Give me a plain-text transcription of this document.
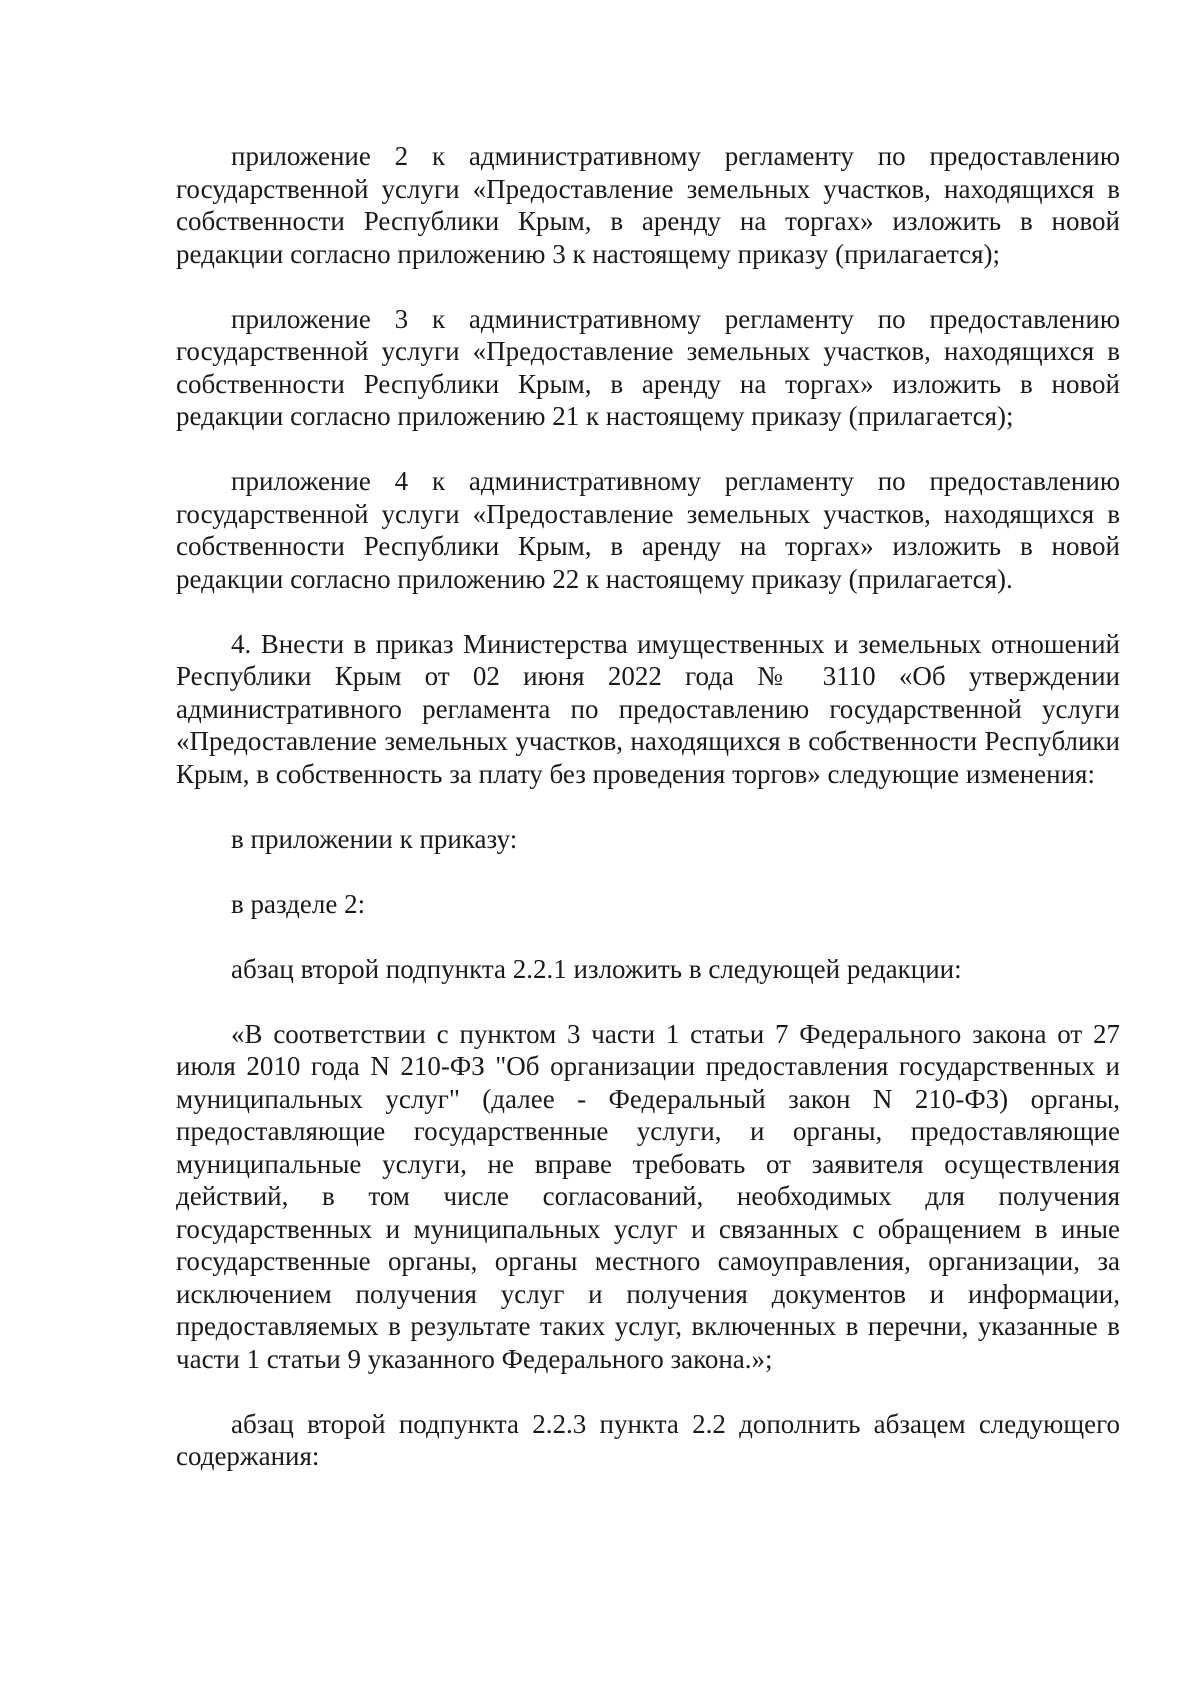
приложение 2 к административному регламенту по предоставлению государственной услуги «Предоставление земельных участков, находящихся в собственности Республики Крым, в аренду на торгах» изложить в новой редакции согласно приложению 3 к настоящему приказу (прилагается);

приложение 3 к административному регламенту по предоставлению государственной услуги «Предоставление земельных участков, находящихся в собственности Республики Крым, в аренду на торгах» изложить в новой редакции согласно приложению 21 к настоящему приказу (прилагается);

приложение 4 к административному регламенту по предоставлению государственной услуги «Предоставление земельных участков, находящихся в собственности Республики Крым, в аренду на торгах» изложить в новой редакции согласно приложению 22 к настоящему приказу (прилагается).

4. Внести в приказ Министерства имущественных и земельных отношений Республики Крым от 02 июня 2022 года № 3110 «Об утверждении административного регламента по предоставлению государственной услуги «Предоставление земельных участков, находящихся в собственности Республики Крым, в собственность за плату без проведения торгов» следующие изменения:

в приложении к приказу:

в разделе 2:

абзац второй подпункта 2.2.1 изложить в следующей редакции:

«В соответствии с пунктом 3 части 1 статьи 7 Федерального закона от 27 июля 2010 года N 210-ФЗ "Об организации предоставления государственных и муниципальных услуг" (далее - Федеральный закон N 210-ФЗ) органы, предоставляющие государственные услуги, и органы, предоставляющие муниципальные услуги, не вправе требовать от заявителя осуществления действий, в том числе согласований, необходимых для получения государственных и муниципальных услуг и связанных с обращением в иные государственные органы, органы местного самоуправления, организации, за исключением получения услуг и получения документов и информации, предоставляемых в результате таких услуг, включенных в перечни, указанные в части 1 статьи 9 указанного Федерального закона.»;

абзац второй подпункта 2.2.3 пункта 2.2 дополнить абзацем следующего содержания:
